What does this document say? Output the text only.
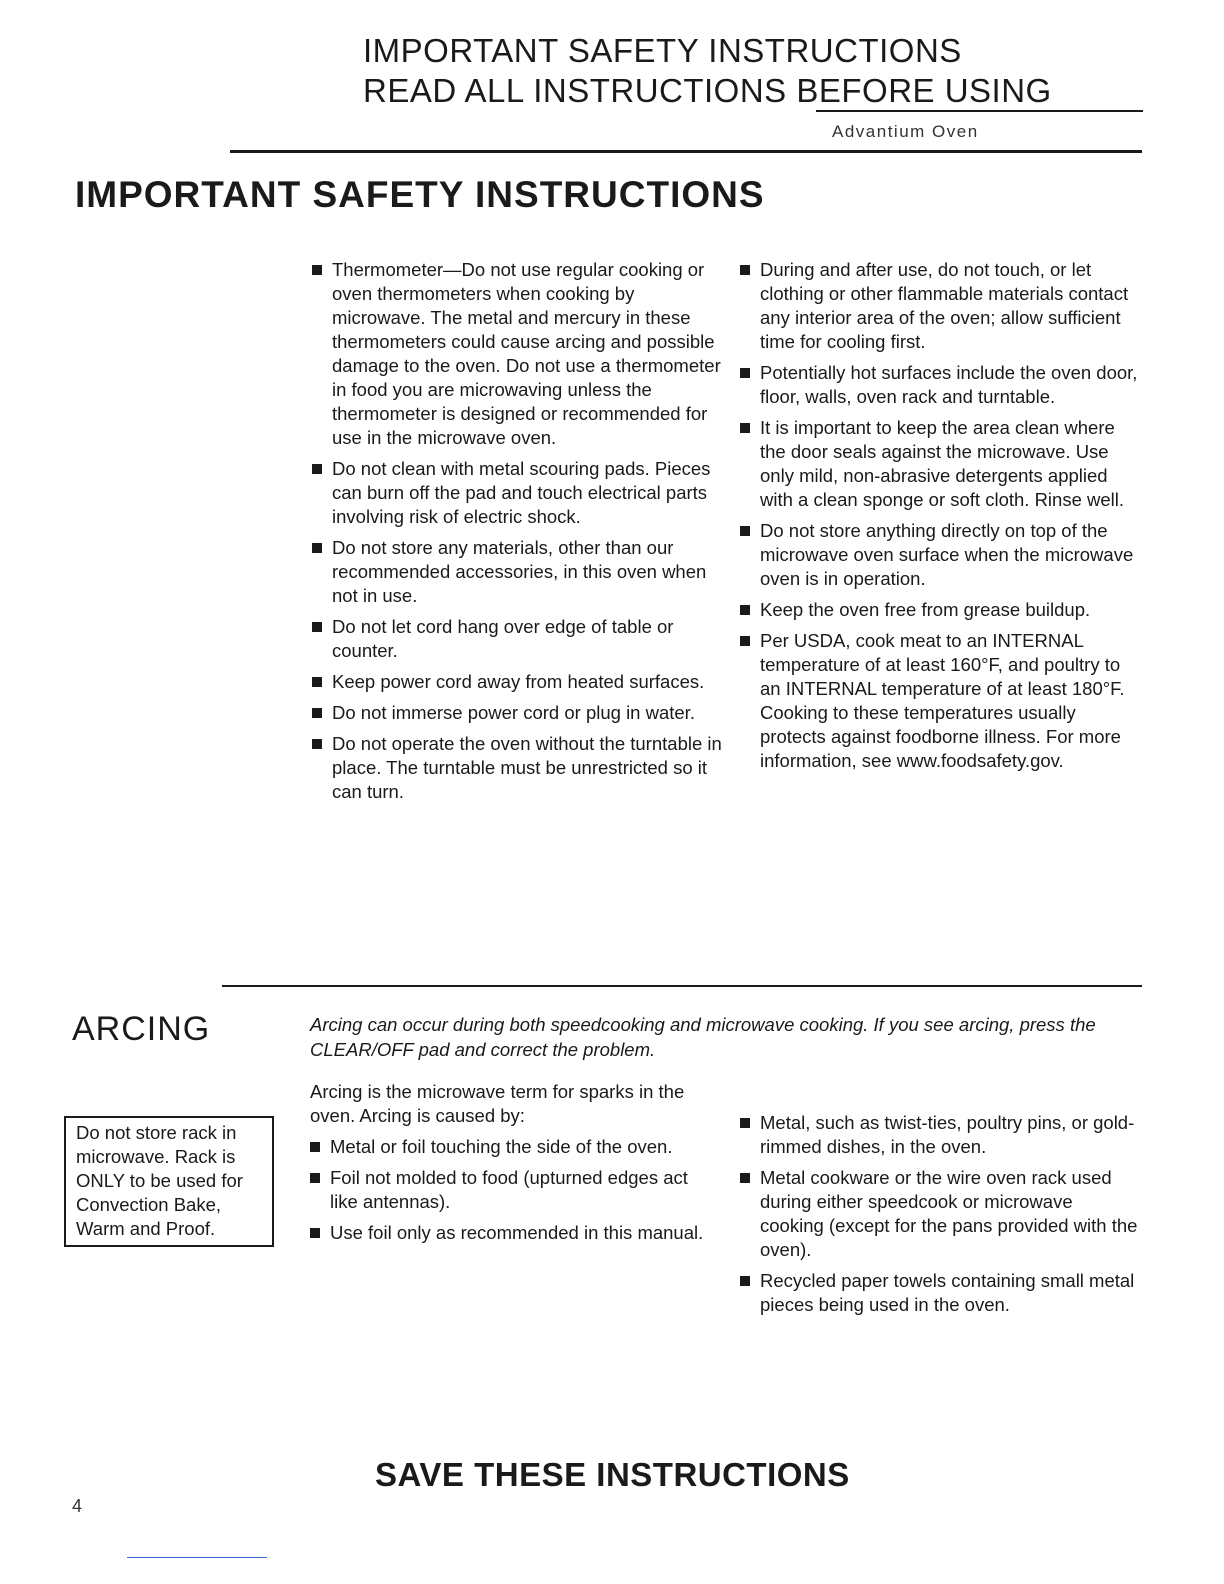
IMPORTANT SAFETY INSTRUCTIONS
READ ALL INSTRUCTIONS BEFORE USING
Advantium Oven
IMPORTANT SAFETY INSTRUCTIONS
Thermometer—Do not use regular cooking or oven thermometers when cooking by microwave. The metal and mercury in these thermometers could cause arcing and possible damage to the oven. Do not use a thermometer in food you are microwaving unless the thermometer is designed or recommended for use in the microwave oven.
Do not clean with metal scouring pads. Pieces can burn off the pad and touch electrical parts involving risk of electric shock.
Do not store any materials, other than our recommended accessories, in this oven when not in use.
Do not let cord hang over edge of table or counter.
Keep power cord away from heated surfaces.
Do not immerse power cord or plug in water.
Do not operate the oven without the turntable in place. The turntable must be unrestricted so it can turn.
During and after use, do not touch, or let clothing or other flammable materials contact any interior area of the oven; allow sufficient time for cooling first.
Potentially hot surfaces include the oven door, floor, walls, oven rack and turntable.
It is important to keep the area clean where the door seals against the microwave. Use only mild, non-abrasive detergents applied with a clean sponge or soft cloth. Rinse well.
Do not store anything directly on top of the microwave oven surface when the microwave oven is in operation.
Keep the oven free from grease buildup.
Per USDA, cook meat to an INTERNAL temperature of at least 160°F, and poultry to an INTERNAL temperature of at least 180°F. Cooking to these temperatures usually protects against foodborne illness. For more information, see www.foodsafety.gov.
ARCING	Arcing can occur during both speedcooking and microwave cooking. If you see arcing, press the CLEAR/OFF pad and correct the problem.
Do not store rack in microwave. Rack is ONLY to be used for Convection Bake, Warm and Proof.
Arcing is the microwave term for sparks in the oven. Arcing is caused by:
Metal or foil touching the side of the oven.
Foil not molded to food (upturned edges act like antennas).
Use foil only as recommended in this manual.
Metal, such as twist-ties, poultry pins, or gold-rimmed dishes, in the oven.
Metal cookware or the wire oven rack used during either speedcook or microwave cooking (except for the pans provided with the oven).
Recycled paper towels containing small metal pieces being used in the oven.
SAVE THESE INSTRUCTIONS
4
